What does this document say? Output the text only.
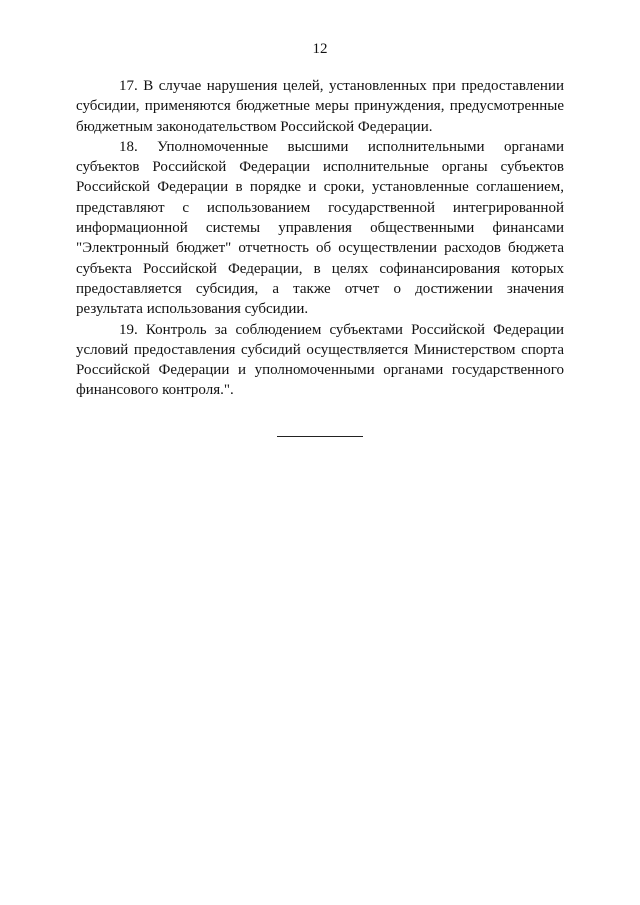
12

17. В случае нарушения целей, установленных при предоставлении
субсидии, применяются бюджетные меры принуждения, предусмотренные
бюджетным законодательством Российской Федерации.

18. Уполномоченные высшими исполнительными органами
субъектов Российской Федерации исполнительные органы субъектов
Российской Федерации в порядке и сроки, установленные соглашением,
представляют с использованием государственной интегрированной
информационной системы управления общественными финансами
"Электронный бюджет" отчетность об осуществлении расходов бюджета
субъекта Российской Федерации, в целях софинансирования которых
предоставляется субсидия, а также отчет о достижении значения
результата использования субсидии.

19. Контроль за соблюдением субъектами Российской Федерации
условий предоставления субсидий осуществляется Министерством спорта
Российской Федерации и уполномоченными органами государственного
финансового контроля.".
